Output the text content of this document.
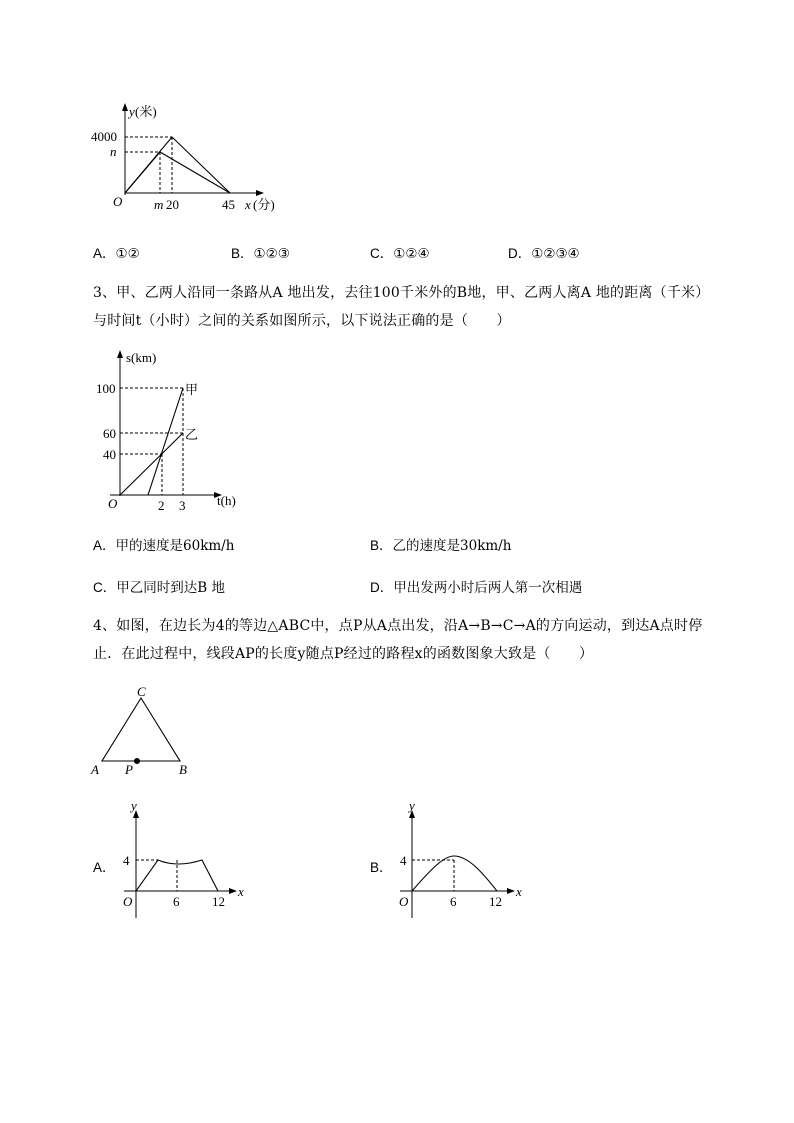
y (米)
4000
n
O m 20	45 x (分)
A．①②	B．①②③	C．①②④	D．①②③④
3、甲、乙两人沿同一条路从A 地出发，去往100千米外的B地，甲、乙两人离A 地的距离（千米）
与时间t（小时）之间的关系如图所示，以下说法正确的是（　　）
s(km)
100
60
40
甲
乙
O	2 3 t(h)
A．甲的速度是60km/h	B．乙的速度是30km/h
C．甲乙同时到达B 地	D．甲出发两小时后两人第一次相遇
4、如图，在边长为4的等边△ABC中，点P从A点出发，沿A→B→C→A的方向运动，到达A点时停
止．在此过程中，线段AP的长度y随点P经过的路程x的函数图象大致是（　　）
C
A P	B
A．
y
4
O	6	12
x
B．
y
4
O	6	12
x
